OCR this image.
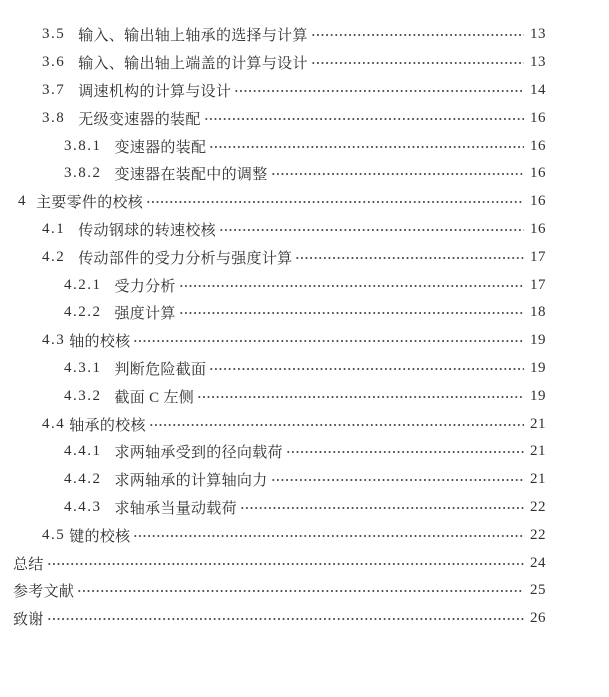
3.5 输入、输出轴上轴承的选择与计算	13
3.6 输入、输出轴上端盖的计算与设计	13
3.7 调速机构的计算与设计	14
3.8 无级变速器的装配	16
3.8.1 变速器的装配	16
3.8.2 变速器在装配中的调整	16
4 主要零件的校核	16
4.1 传动钢球的转速校核	16
4.2 传动部件的受力分析与强度计算	17
4.2.1 受力分析	17
4.2.2 强度计算	18
4.3 轴的校核	19
4.3.1 判断危险截面	19
4.3.2 截面 C 左侧	19
4.4 轴承的校核	21
4.4.1 求两轴承受到的径向载荷	21
4.4.2 求两轴承的计算轴向力	21
4.4.3 求轴承当量动载荷	22
4.5 键的校核	22
总结	24
参考文献	25
致谢	26
